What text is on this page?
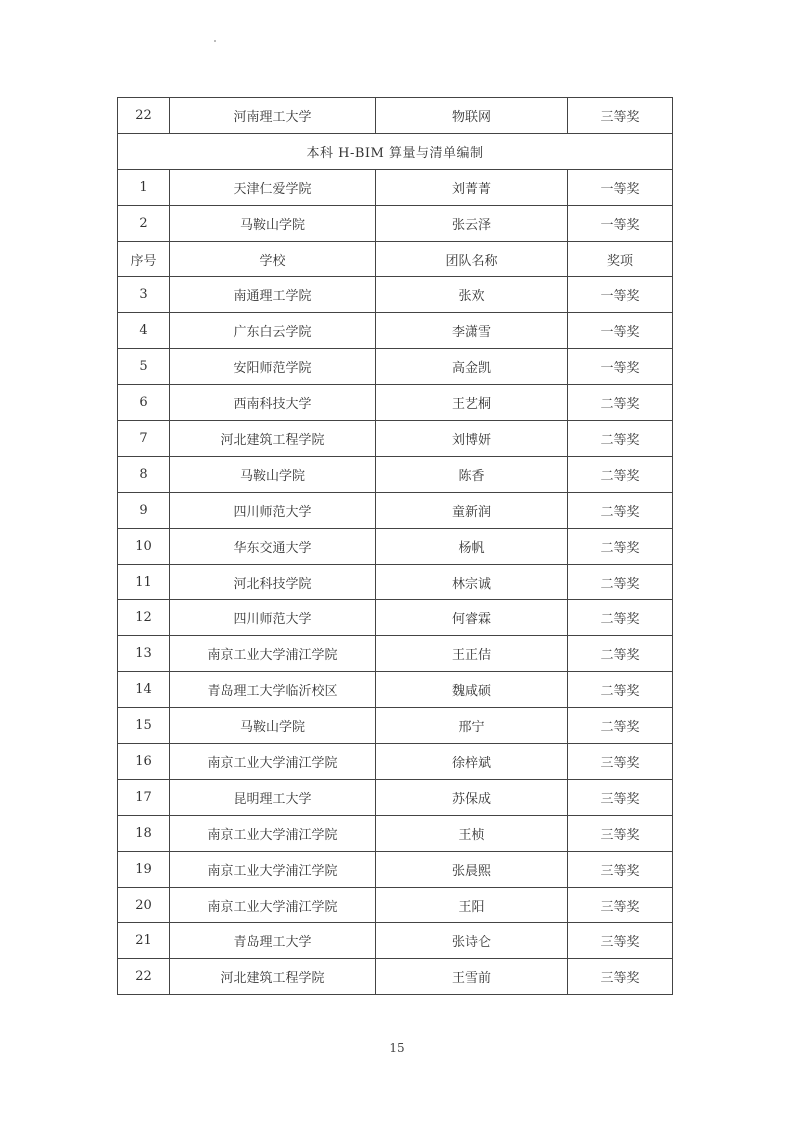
22	河南理工大学	物联网	三等奖
本科 H-BIM 算量与清单编制			
1	天津仁爱学院	刘菁菁	一等奖
2	马鞍山学院	张云泽	一等奖
序号	学校	团队名称	奖项
3	南通理工学院	张欢	一等奖
4	广东白云学院	李潇雪	一等奖
5	安阳师范学院	高金凯	一等奖
6	西南科技大学	王艺桐	二等奖
7	河北建筑工程学院	刘博妍	二等奖
8	马鞍山学院	陈香	二等奖
9	四川师范大学	童新润	二等奖
10	华东交通大学	杨帆	二等奖
11	河北科技学院	林宗诚	二等奖
12	四川师范大学	何睿霖	二等奖
13	南京工业大学浦江学院	王正佶	二等奖
14	青岛理工大学临沂校区	魏咸硕	二等奖
15	马鞍山学院	邢宁	二等奖
16	南京工业大学浦江学院	徐梓斌	三等奖
17	昆明理工大学	苏保成	三等奖
18	南京工业大学浦江学院	王桢	三等奖
19	南京工业大学浦江学院	张晨熙	三等奖
20	南京工业大学浦江学院	王阳	三等奖
21	青岛理工大学	张诗仑	三等奖
22	河北建筑工程学院	王雪前	三等奖
15
